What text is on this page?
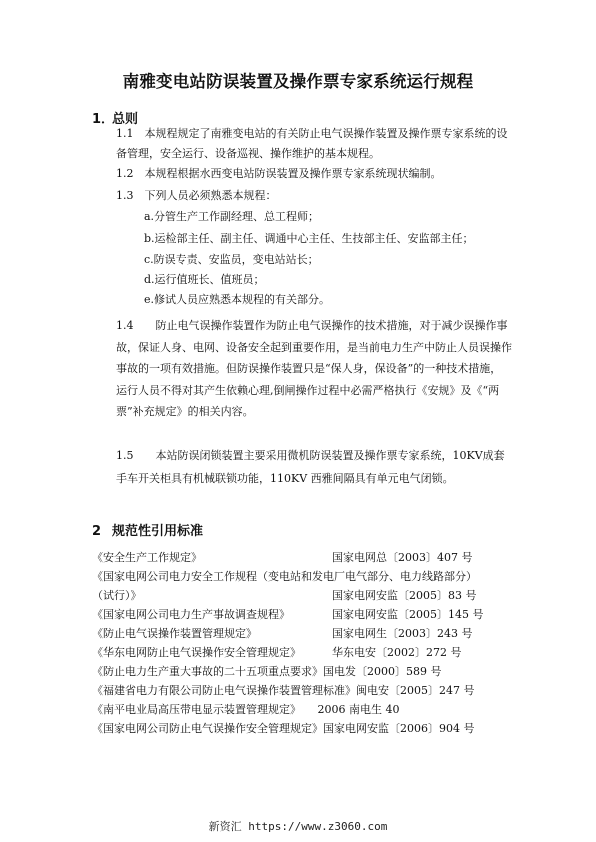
南雅变电站防误装置及操作票专家系统运行规程
1．总则
1.1　本规程规定了南雅变电站的有关防止电气误操作装置及操作票专家系统的设备管理，安全运行、设备巡视、操作维护的基本规程。
1.2　本规程根据水西变电站防误装置及操作票专家系统现状编制。
1.3　下列人员必须熟悉本规程：
a.分管生产工作副经理、总工程师；
b.运检部主任、副主任、调通中心主任、生技部主任、安监部主任；
c.防误专责、安监员，变电站站长；
d.运行值班长、值班员；
e.修试人员应熟悉本规程的有关部分。
1.4　　防止电气误操作装置作为防止电气误操作的技术措施，对于减少误操作事故，保证人身、电网、设备安全起到重要作用，是当前电力生产中防止人员误操作事故的一项有效措施。但防误操作装置只是“保人身，保设备”的一种技术措施，运行人员不得对其产生依赖心理,倒闸操作过程中必需严格执行《安规》及《“两票”补充规定》的相关内容。
1.5　　本站防误闭锁装置主要采用微机防误装置及操作票专家系统，10KV成套手车开关柜具有机械联锁功能，110KV 西雅间隔具有单元电气闭锁。
2 规范性引用标准
《安全生产工作规定》	国家电网总〔2003〕407 号
《国家电网公司电力安全工作规程（变电站和发电厂电气部分、电力线路部分）
（试行）》	国家电网安监〔2005〕83 号
《国家电网公司电力生产事故调查规程》	国家电网安监〔2005〕145 号
《防止电气误操作装置管理规定》	国家电网生〔2003〕243 号
《华东电网防止电气误操作安全管理规定》	华东电安〔2002〕272 号
《防止电力生产重大事故的二十五项重点要求》国电发〔2000〕589 号
《福建省电力有限公司防止电气误操作装置管理标准》闽电安〔2005〕247 号
《南平电业局高压带电显示装置管理规定》　　2006 南电生 40
《国家电网公司防止电气误操作安全管理规定》国家电网安监〔2006〕904 号
新资汇 https://www.z3060.com
